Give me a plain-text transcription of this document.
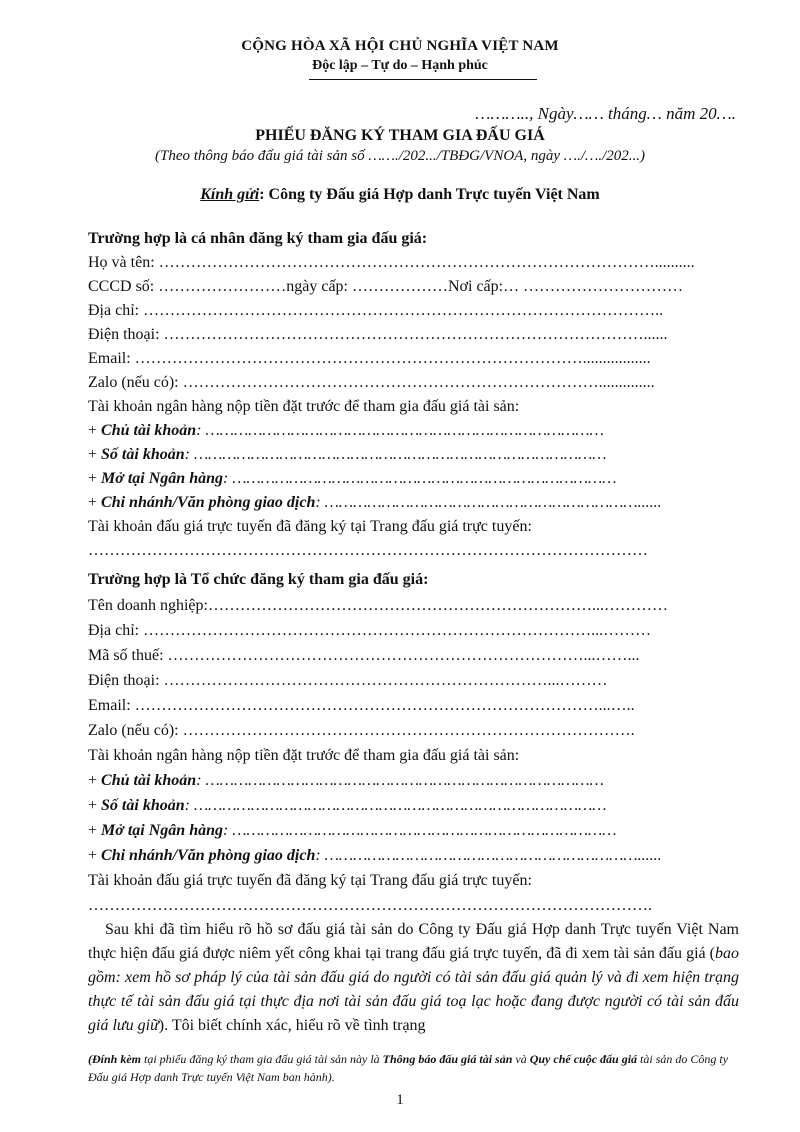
CỘNG HÒA XÃ HỘI CHỦ NGHĨA VIỆT NAM
Độc lập – Tự do – Hạnh phúc
……….., Ngày…… tháng… năm 20….
PHIẾU ĐĂNG KÝ THAM GIA ĐẤU GIÁ
(Theo thông báo đấu giá tài sản số ……./202.../TBĐG/VNOA, ngày …./…./202...)
Kính gửi: Công ty Đấu giá Hợp danh Trực tuyến Việt Nam
Trường hợp là cá nhân đăng ký tham gia đấu giá:
Họ và tên: …………………………………………………………………………………..........
CCCD số: ……………………ngày cấp: ………………Nơi cấp:… …………………………
Địa chỉ: ……………………………………………………………………………………..
Điện thoại: ………………………………………………………………………………......
Email: ………………………………………………………………………….................
Zalo (nếu có): ……………………………………………………………………..............
Tài khoản ngân hàng nộp tiền đặt trước để tham gia đấu giá tài sản:
+ Chủ tài khoản: …………………………………………………………………………
+ Số tài khoản: ……………………………………………………………………………
+ Mở tại Ngân hàng: ………………………………………………………………………
+ Chi nhánh/Văn phòng giao dịch: …………………………………………………………......
Tài khoản đấu giá trực tuyến đã đăng ký tại Trang đấu giá trực tuyến:
……………………………………………………………………………………………
Trường hợp là Tổ chức đăng ký tham gia đấu giá:
Tên doanh nghiệp:………………………………………………………………...…………
Địa chỉ: …………………………………………………………………………...………
Mã số thuế: ……………………………………………………………………...……...
Điện thoại: ………………………………………………………………...………
Email: ……………………………………………………………………………...…..
Zalo (nếu có): ………………………………………………………………………….
Tài khoản ngân hàng nộp tiền đặt trước để tham gia đấu giá tài sản:
+ Chủ tài khoản: …………………………………………………………………………
+ Số tài khoản: ……………………………………………………………………………
+ Mở tại Ngân hàng: ………………………………………………………………………
+ Chi nhánh/Văn phòng giao dịch: …………………………………………………………......
Tài khoản đấu giá trực tuyến đã đăng ký tại Trang đấu giá trực tuyến:
…………………………………………………………………………………………….
Sau khi đã tìm hiểu rõ hồ sơ đấu giá tài sản do Công ty Đấu giá Hợp danh Trực tuyến Việt Nam thực hiện đấu giá được niêm yết công khai tại trang đấu giá trực tuyến, đã đi xem tài sản đấu giá (bao gồm: xem hồ sơ pháp lý của tài sản đấu giá do người có tài sản đấu giá quản lý và đi xem hiện trạng thực tế tài sản đấu giá tại thực địa nơi tài sản đấu giá toạ lạc hoặc đang được người có tài sản đấu giá lưu giữ). Tôi biết chính xác, hiểu rõ về tình trạng
(Đính kèm tại phiếu đăng ký tham gia đấu giá tài sản này là Thông báo đấu giá tài sản và Quy chế cuộc đấu giá tài sản do Công ty Đấu giá Hợp danh Trực tuyến Việt Nam ban hành).
1
